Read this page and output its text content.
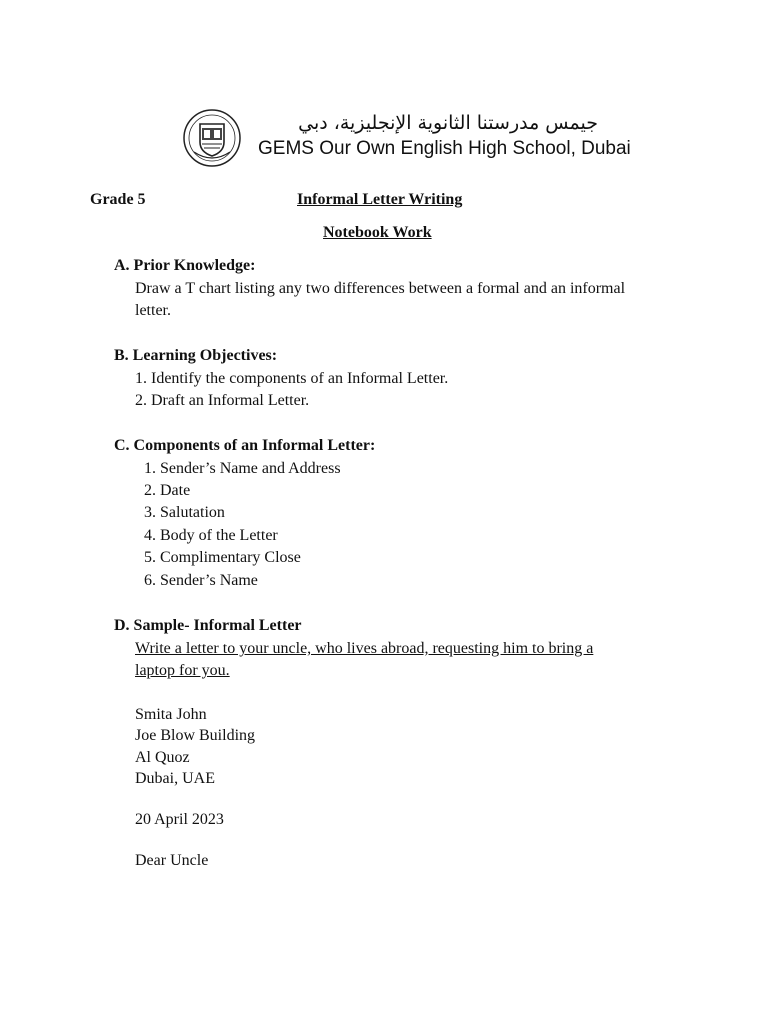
جيمس مدرستنا الثانوية الإنجليزية، دبي
GEMS Our Own English High School, Dubai
Grade 5	Informal Letter Writing
Notebook Work
A. Prior Knowledge:
Draw a T chart listing any two differences between a formal and an informal
letter.
B. Learning Objectives:
1. Identify the components of an Informal Letter.
2. Draft an Informal Letter.
C. Components of an Informal Letter:
1. Sender’s Name and Address
2. Date
3. Salutation
4. Body of the Letter
5. Complimentary Close
6. Sender’s Name
D. Sample- Informal Letter
Write a letter to your uncle, who lives abroad, requesting him to bring a
laptop for you.
Smita John
Joe Blow Building
Al Quoz
Dubai, UAE
20 April 2023
Dear Uncle
